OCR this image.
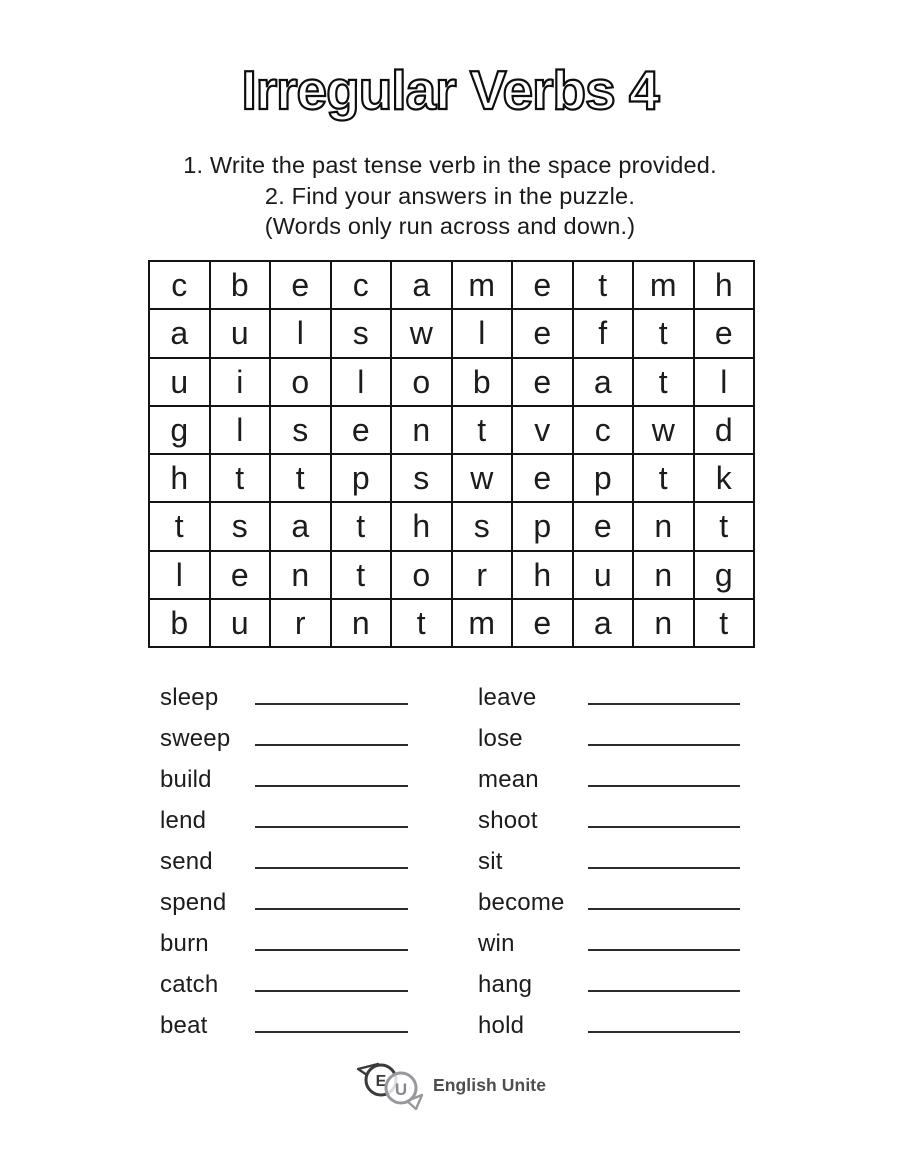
Irregular Verbs 4
1. Write the past tense verb in the space provided.
2. Find your answers in the puzzle.
(Words only run across and down.)
c	b	e	c	a	m	e	t	m	h
a	u	l	s	w	l	e	f	t	e
u	i	o	l	o	b	e	a	t	l
g	l	s	e	n	t	v	c	w	d
h	t	t	p	s	w	e	p	t	k
t	s	a	t	h	s	p	e	n	t
l	e	n	t	o	r	h	u	n	g
b	u	r	n	t	m	e	a	n	t
sleep
sweep
build
lend
send
spend
burn
catch
beat
leave
lose
mean
shoot
sit
become
win
hang
hold
E U English Unite
